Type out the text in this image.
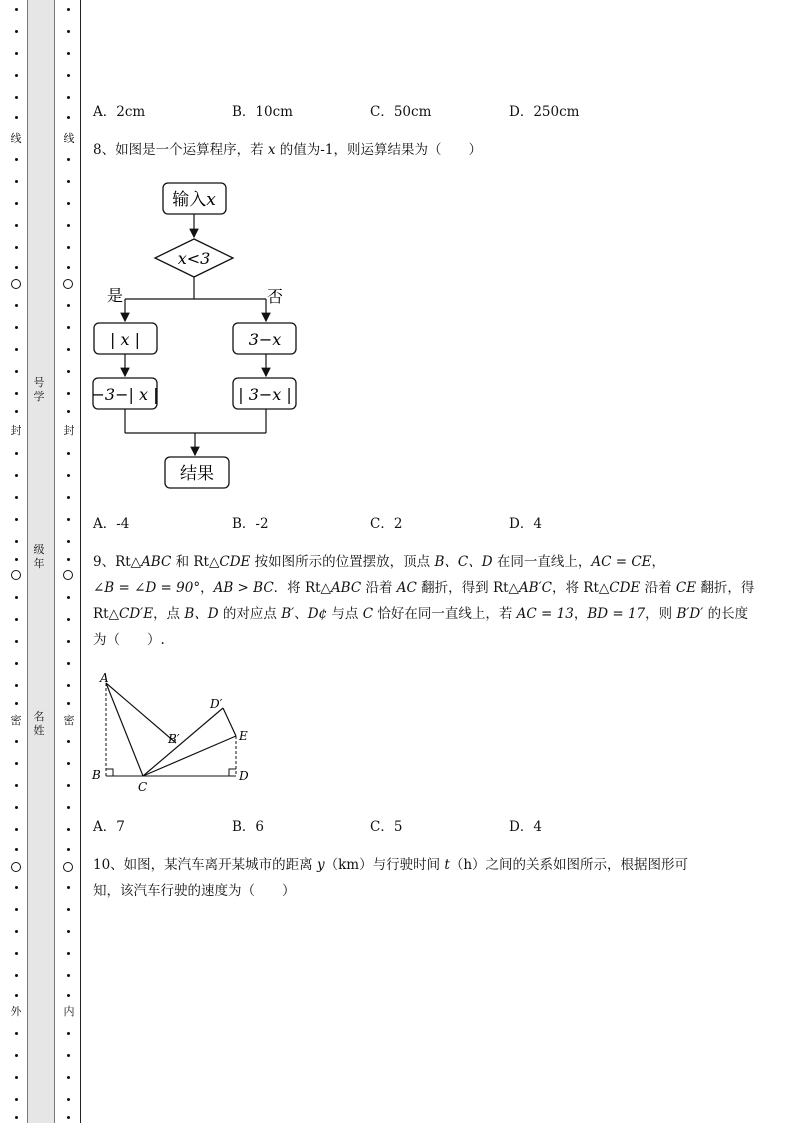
线
封
密
外
线
封
密
内
号学
级年
名姓
A．2cm	B．10cm	C．50cm	D．250cm
8、如图是一个运算程序，若 x 的值为-1，则运算结果为（　　）
输入x
x<3
是	否
| x |	3−x
−3−| x |	| 3−x |
结果
A．-4	B．-2	C．2	D．4
9、Rt△ABC 和 Rt△CDE 按如图所示的位置摆放，顶点 B、C、D 在同一直线上，AC = CE，
∠B = ∠D = 90°，AB > BC．将 Rt△ABC 沿着 AC 翻折，得到 Rt△AB′C，将 Rt△CDE 沿着 CE 翻折，得
Rt△CD′E，点 B、D 的对应点 B′、D¢ 与点 C 恰好在同一直线上，若 AC = 13，BD = 17，则 B′D′ 的长度
为（　　）.
A
B
C
D
E
B′
D′
A．7	B．6	C．5	D．4
10、如图，某汽车离开某城市的距离 y（km）与行驶时间 t（h）之间的关系如图所示，根据图形可
知，该汽车行驶的速度为（　　）
